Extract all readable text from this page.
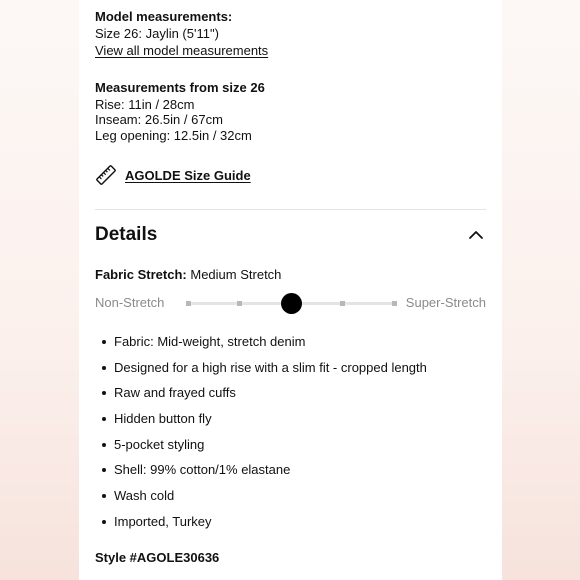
Model measurements:
Size 26: Jaylin (5'11")
View all model measurements
Measurements from size 26
Rise: 11in / 28cm
Inseam: 26.5in / 67cm
Leg opening: 12.5in / 32cm
AGOLDE Size Guide
Details
Fabric Stretch: Medium Stretch
Non-Stretch	Super-Stretch
Fabric: Mid-weight, stretch denim
Designed for a high rise with a slim fit - cropped length
Raw and frayed cuffs
Hidden button fly
5-pocket styling
Shell: 99% cotton/1% elastane
Wash cold
Imported, Turkey
Style #AGOLE30636
